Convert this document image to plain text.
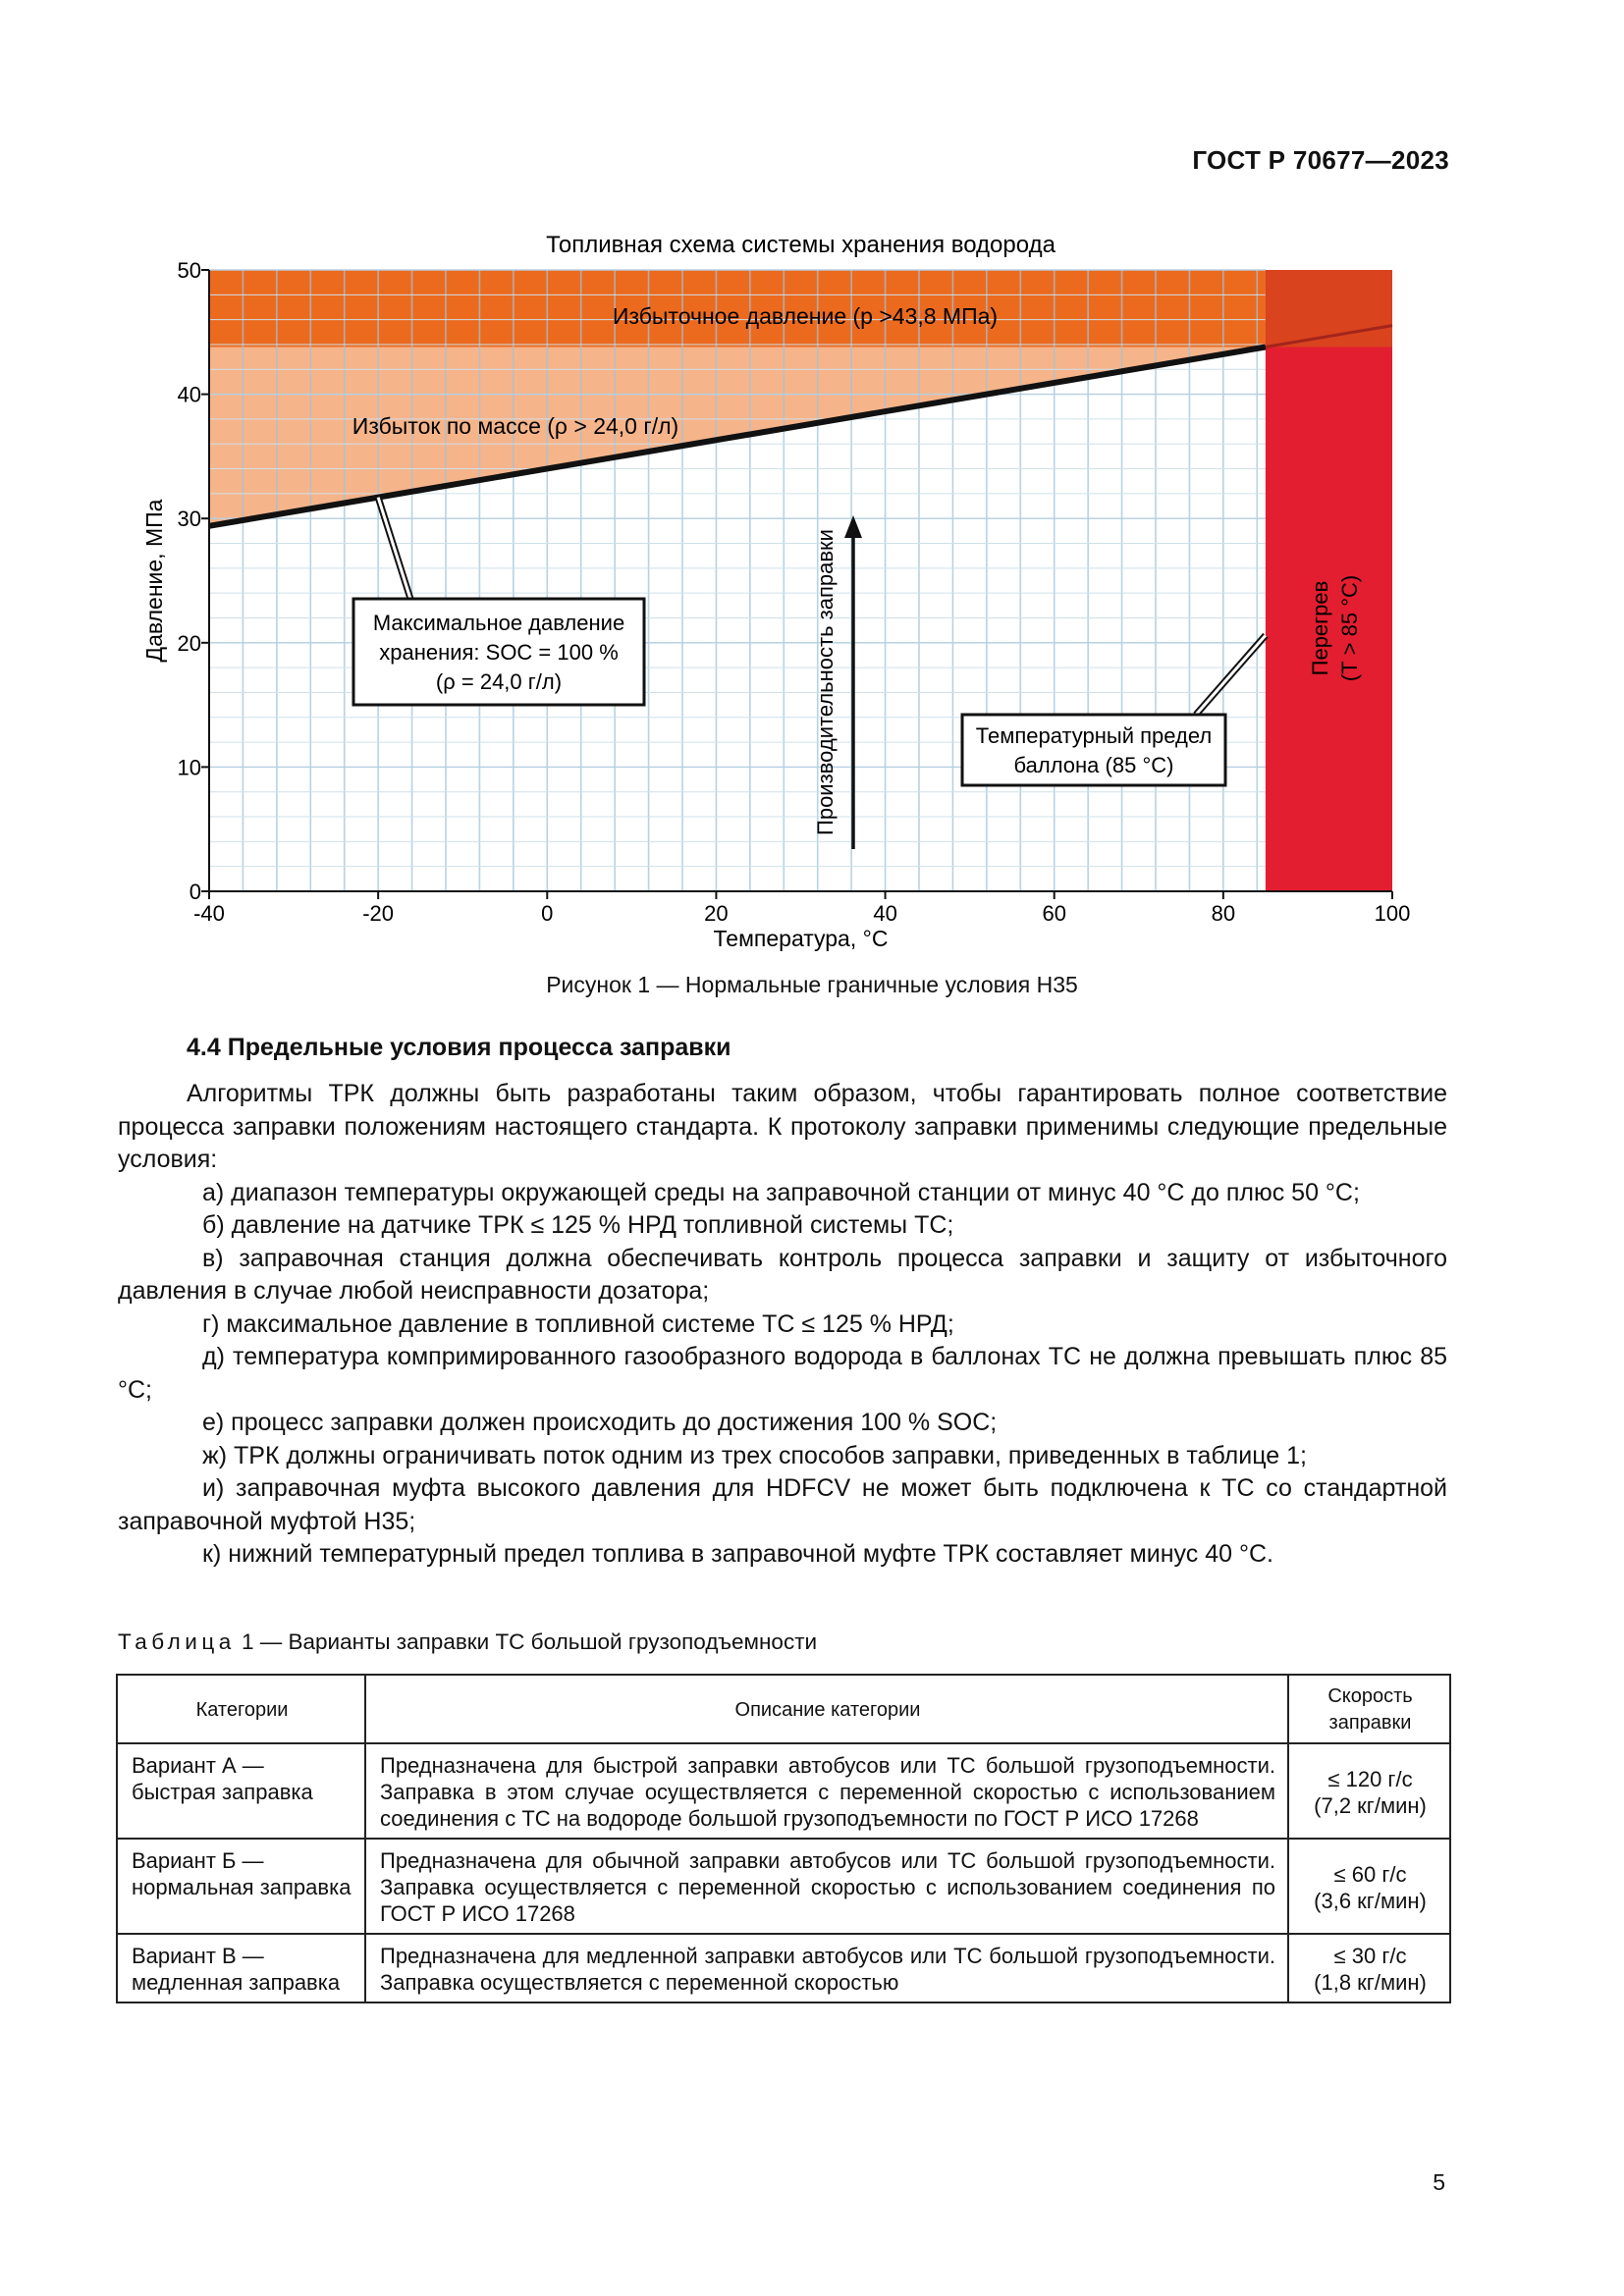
ГОСТ Р 70677—2023
-40	-20	0	20	40	60	80	100
0
10
20
30
40
50
Топливная схема системы хранения водорода
Температура, °С
Давление, МПа
Избыточное давление (р >43,8 МПа)
Избыток по массе (ρ > 24,0 г/л)
Перегрев (Т > 85 °С)
Производительность заправки
Максимальное давление
хранения: SOC = 100 %
(ρ = 24,0 г/л)
Температурный предел
баллона (85 °С)
Рисунок 1 — Нормальные граничные условия Н35
4.4 Предельные условия процесса заправки

Алгоритмы ТРК должны быть разработаны таким образом, чтобы гарантировать полное соответствие процесса заправки положениям настоящего стандарта. К протоколу заправки применимы следующие предельные условия:

а) диапазон температуры окружающей среды на заправочной станции от минус 40 °С до плюс 50 °С;

б) давление на датчике ТРК ≤ 125 % НРД топливной системы ТС;

в) заправочная станция должна обеспечивать контроль процесса заправки и защиту от избыточного давления в случае любой неисправности дозатора;

г) максимальное давление в топливной системе ТС ≤ 125 % НРД;

д) температура компримированного газообразного водорода в баллонах ТС не должна превышать плюс 85 °С;

е) процесс заправки должен происходить до достижения 100 % SOC;

ж) ТРК должны ограничивать поток одним из трех способов заправки, приведенных в таблице 1;

и) заправочная муфта высокого давления для HDFCV не может быть подключена к ТС со стандартной заправочной муфтой Н35;

к) нижний температурный предел топлива в заправочной муфте ТРК составляет минус 40 °С.

Таблица 1 — Варианты заправки ТС большой грузоподъемности
Категории	Описание категории	Скорость
заправки
Вариант А — быстрая заправка	Предназначена для быстрой заправки автобусов или ТС большой грузоподъемности. Заправка в этом случае осуществляется с переменной скоростью с использованием соединения с ТС на водороде большой грузоподъемности по ГОСТ Р ИСО 17268	≤ 120 г/с
(7,2 кг/мин)
Вариант Б — нормальная заправка	Предназначена для обычной заправки автобусов или ТС большой грузоподъемности. Заправка осуществляется с переменной скоростью с использованием соединения по ГОСТ Р ИСО 17268	≤ 60 г/с
(3,6 кг/мин)
Вариант В — медленная заправка	Предназначена для медленной заправки автобусов или ТС большой грузоподъемности. Заправка осуществляется с переменной скоростью	≤ 30 г/с
(1,8 кг/мин)
5
